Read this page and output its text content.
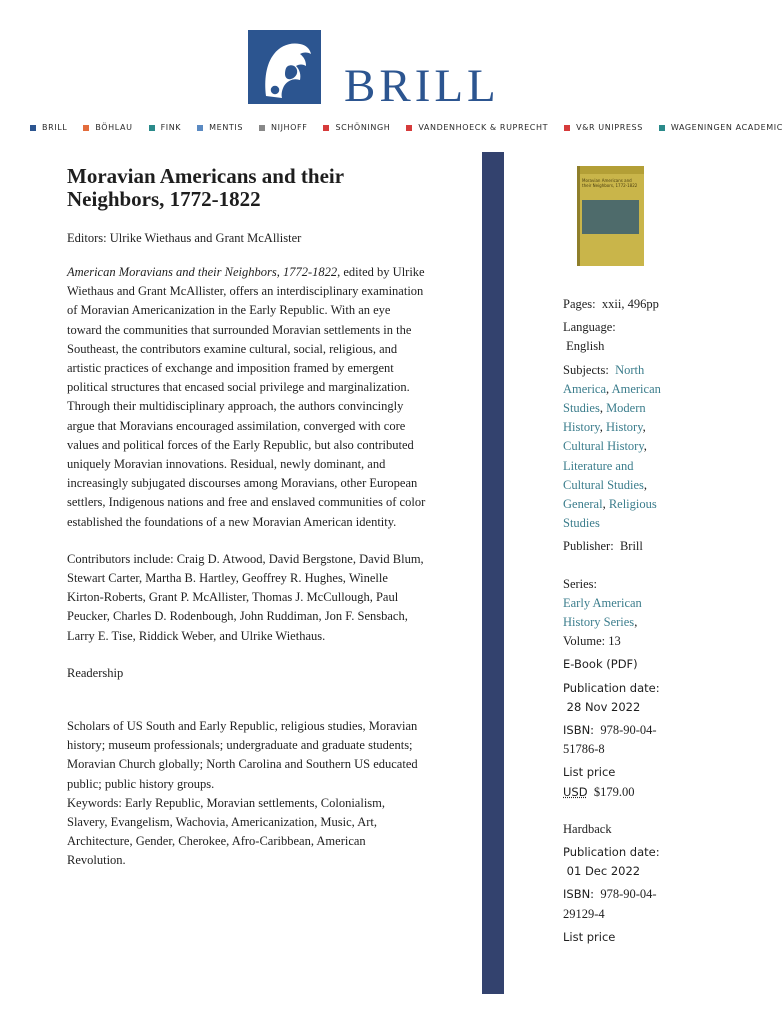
BRILL
BRILL	BÖHLAU	FINK	MENTIS	NIJHOFF	SCHÖNINGH	VANDENHOECK & RUPRECHT	V&R UNIPRESS	WAGENINGEN ACADEMIC
Moravian Americans and their Neighbors, 1772-1822

Editors: Ulrike Wiethaus and Grant McAllister

American Moravians and their Neighbors, 1772-1822, edited by Ulrike Wiethaus and Grant McAllister, offers an interdisciplinary examination of Moravian Americanization in the Early Republic. With an eye toward the communities that surrounded Moravian settlements in the Southeast, the contributors examine cultural, social, religious, and artistic practices of exchange and imposition framed by emergent political structures that encased social privilege and marginalization.

Through their multidisciplinary approach, the authors convincingly argue that Moravians encouraged assimilation, converged with core values and political forces of the Early Republic, but also contributed uniquely Moravian innovations. Residual, newly dominant, and increasingly subjugated discourses among Moravians, other European settlers, Indigenous nations and free and enslaved communities of color established the foundations of a new Moravian American identity.

Contributors include: Craig D. Atwood, David Bergstone, David Blum, Stewart Carter, Martha B. Hartley, Geoffrey R. Hughes, Winelle Kirton-Roberts, Grant P. McAllister, Thomas J. McCullough, Paul Peucker, Charles D. Rodenbough, John Ruddiman, Jon F. Sensbach, Larry E. Tise, Riddick Weber, and Ulrike Wiethaus.

Readership

Scholars of US South and Early Republic, religious studies, Moravian history; museum professionals; undergraduate and graduate students; Moravian Church globally; North Carolina and Southern US educated public; public history groups.

Keywords: Early Republic, Moravian settlements, Colonialism, Slavery, Evangelism, Wachovia, Americanization, Music, Art, Architecture, Gender, Cherokee, Afro-Caribbean, American Revolution.

Moravian Americans and their Neighbors, 1772-1822

Pages: xxii, 496pp

Language:
English

Subjects: North America, American Studies, Modern History, History, Cultural History, Literature and Cultural Studies, General, Religious Studies

Publisher: Brill

Series:
Early American History Series,
Volume: 13

E-Book (PDF)

Publication date:
28 Nov 2022

ISBN: 978-90-04-51786-8

List price
USD $179.00

Hardback

Publication date:
01 Dec 2022

ISBN: 978-90-04-29129-4

List price
